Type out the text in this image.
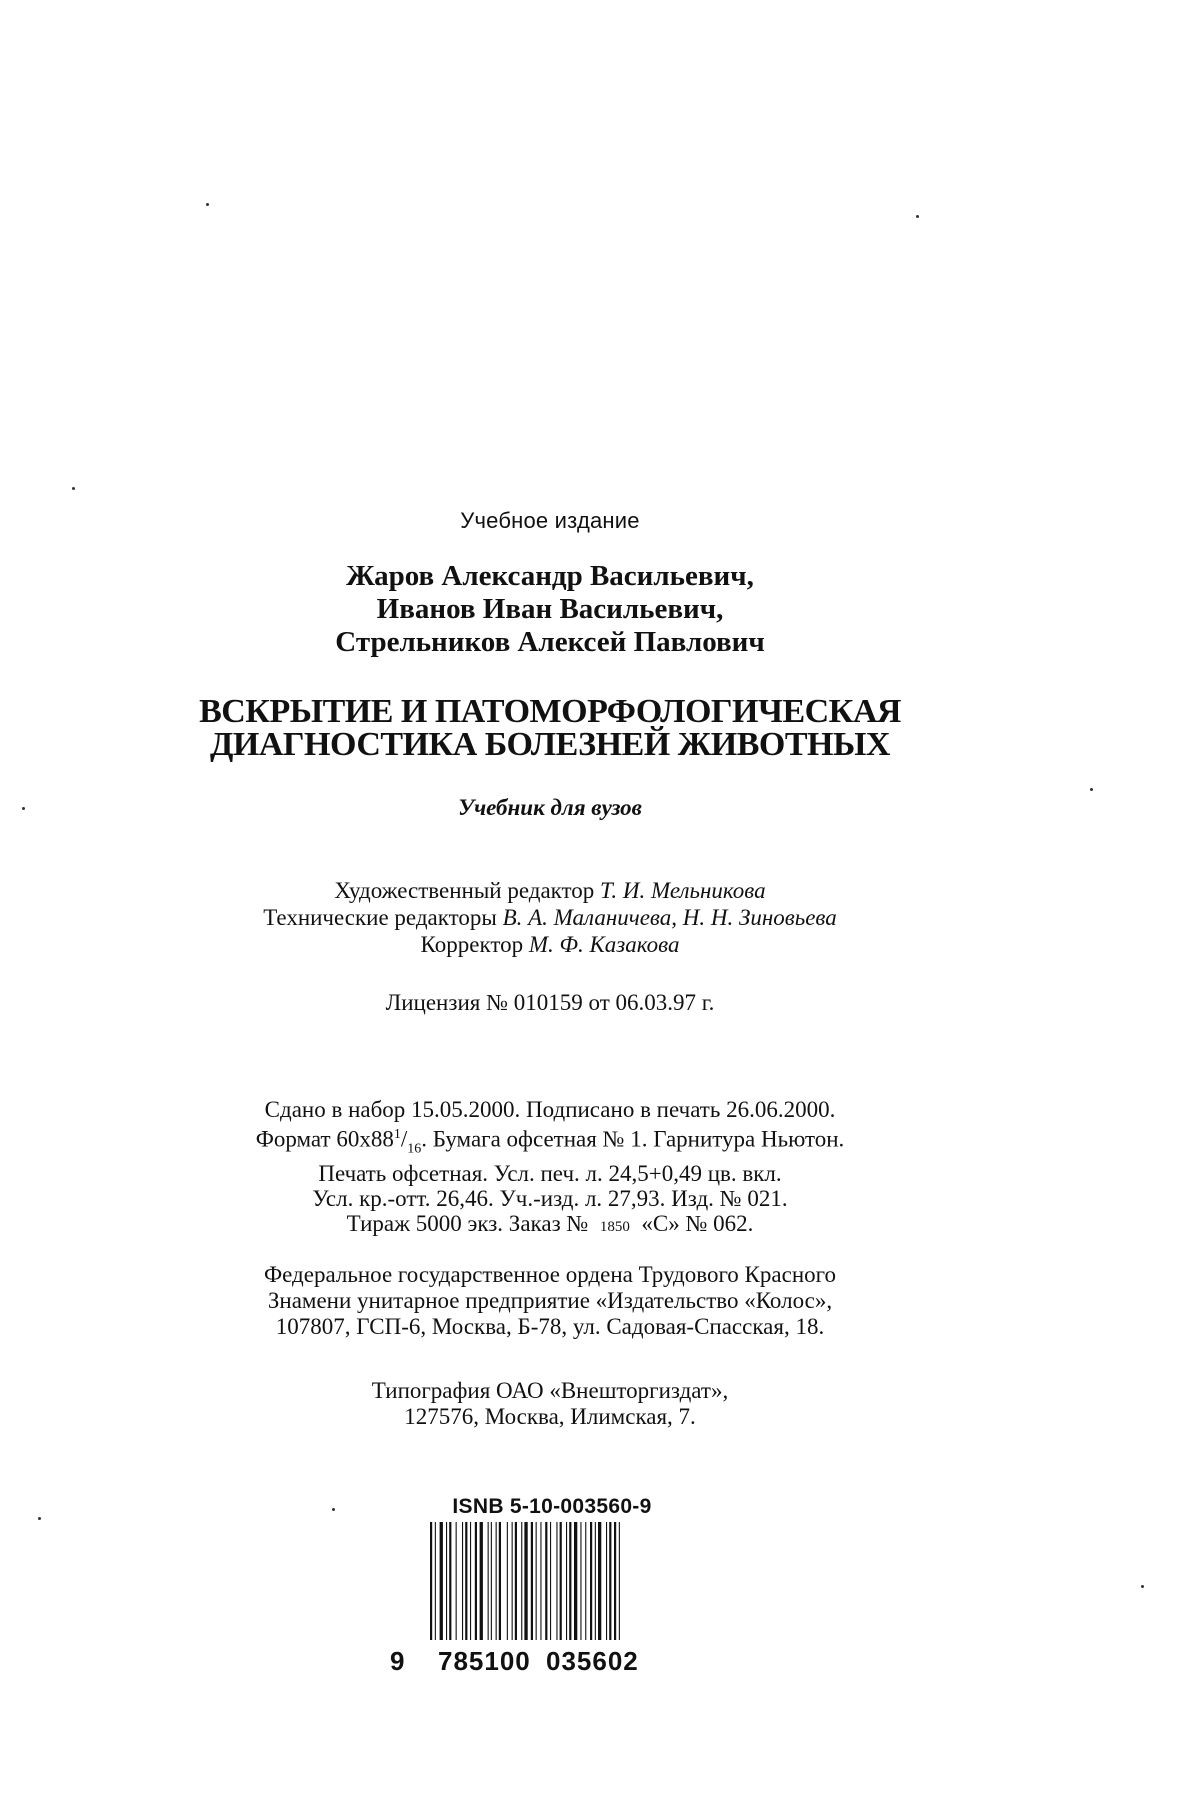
Учебное издание
Жаров Александр Васильевич,
Иванов Иван Васильевич,
Стрельников Алексей Павлович
ВСКРЫТИЕ И ПАТОМОРФОЛОГИЧЕСКАЯ
ДИАГНОСТИКА БОЛЕЗНЕЙ ЖИВОТНЫХ
Учебник для вузов
Художественный редактор Т. И. Мельникова
Технические редакторы В. А. Маланичева, Н. Н. Зиновьева
Корректор М. Ф. Казакова
Лицензия № 010159 от 06.03.97 г.
Сдано в набор 15.05.2000. Подписано в печать 26.06.2000.
Формат $60х88^1/_{16}$. Бумага офсетная № 1. Гарнитура Ньютон.
Печать офсетная. Усл. печ. л. 24,5+0,49 цв. вкл.
Усл. кр.-отт. 26,46. Уч.-изд. л. 27,93. Изд. № 021.
Тираж 5000 экз. Заказ № 1850 «С» № 062.
Федеральное государственное ордена Трудового Красного
Знамени унитарное предприятие «Издательство «Колос»,
107807, ГСП-6, Москва, Б-78, ул. Садовая-Спасская, 18.
Типография ОАО «Внешторгиздат»,
127576, Москва, Илимская, 7.
ISNB 5-10-003560-9
9 785100 035602
